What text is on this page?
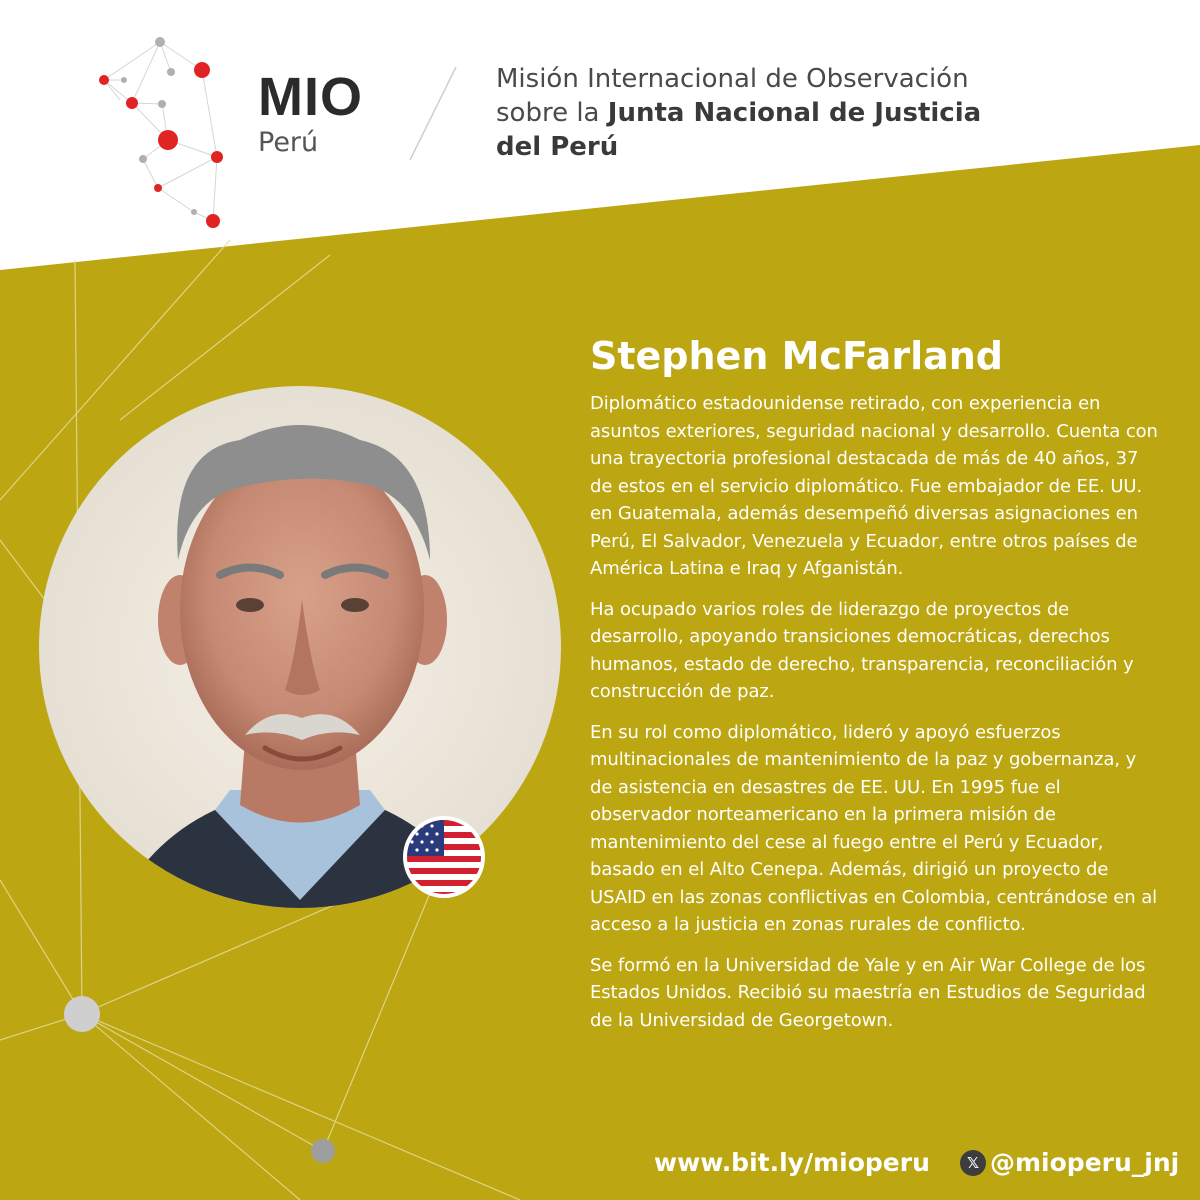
MIO
Perú
Misión Internacional de Observación
sobre la Junta Nacional de Justicia
del Perú
Stephen McFarland

Diplomático estadounidense retirado, con experiencia en asuntos exteriores, seguridad nacional y desarrollo. Cuenta con una trayectoria profesional destacada de más de 40 años, 37 de estos en el servicio diplomático. Fue embajador de EE. UU. en Guatemala, además desempeñó diversas asignaciones en Perú, El Salvador, Venezuela y Ecuador, entre otros países de América Latina e Iraq y Afganistán.

Ha ocupado varios roles de liderazgo de proyectos de desarrollo, apoyando transiciones democráticas, derechos humanos, estado de derecho, transparencia, reconciliación y construcción de paz.

En su rol como diplomático, lideró y apoyó esfuerzos multinacionales de mantenimiento de la paz y gobernanza, y de asistencia en desastres de EE. UU. En 1995 fue el observador norteamericano en la primera misión de mantenimiento del cese al fuego entre el Perú y Ecuador, basado en el Alto Cenepa. Además, dirigió un proyecto de USAID en las zonas conflictivas en Colombia, centrándose en al acceso a la justicia en zonas rurales de conflicto.

Se formó en la Universidad de Yale y en Air War College de los Estados Unidos. Recibió su maestría en Estudios de Seguridad de la Universidad de Georgetown.

www.bit.ly/mioperu	𝕏 @mioperu_jnj
